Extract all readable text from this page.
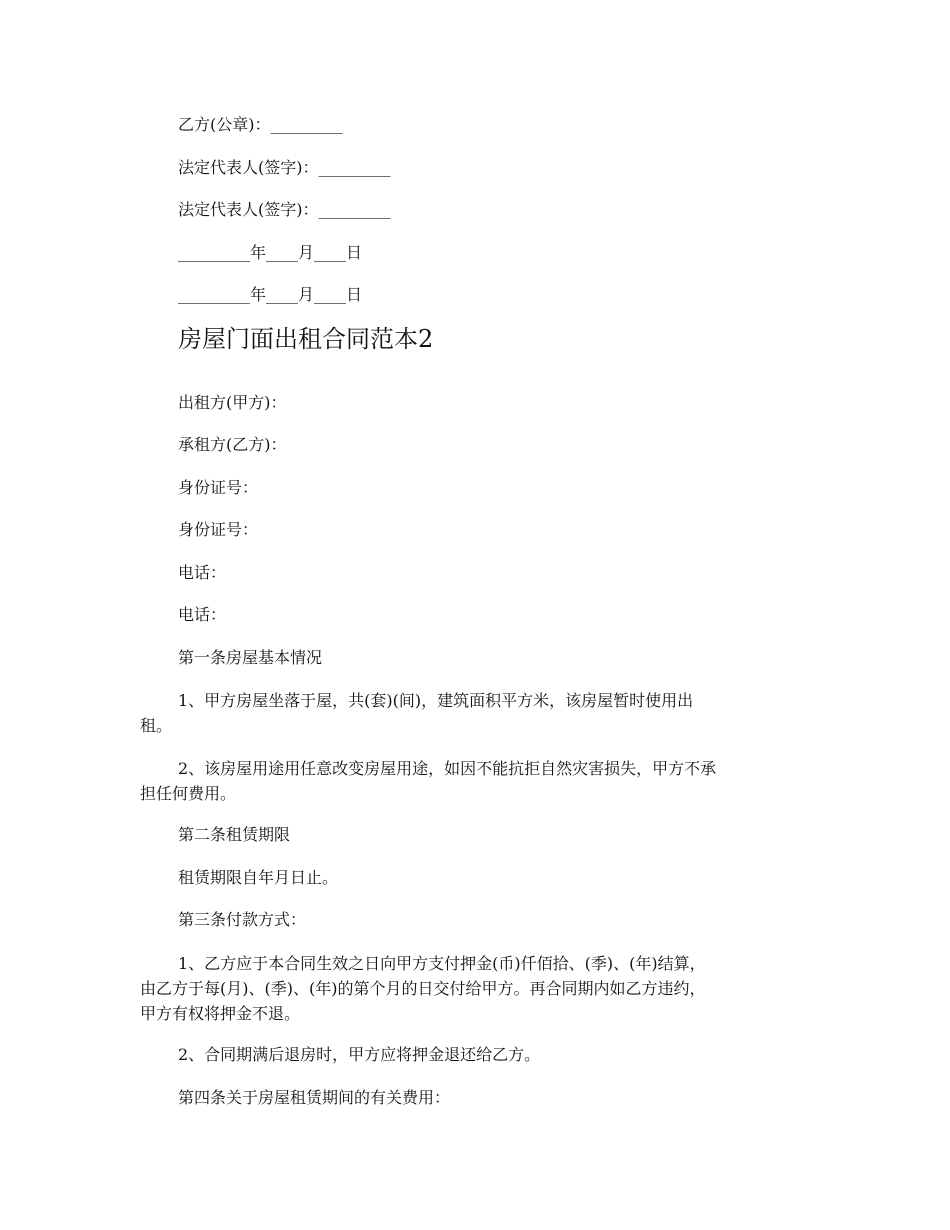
乙方(公章)：_________
法定代表人(签字)：_________
法定代表人(签字)：_________
_________年____月____日
_________年____月____日
房屋门面出租合同范本2
出租方(甲方)：
承租方(乙方)：
身份证号：
身份证号：
电话：
电话：
第一条房屋基本情况
1、甲方房屋坐落于屋，共(套)(间)，建筑面积平方米，该房屋暂时使用出
租。
2、该房屋用途用任意改变房屋用途，如因不能抗拒自然灾害损失，甲方不承
担任何费用。
第二条租赁期限
租赁期限自年月日止。
第三条付款方式：
1、乙方应于本合同生效之日向甲方支付押金(币)仟佰拾、(季)、(年)结算，
由乙方于每(月)、(季)、(年)的第个月的日交付给甲方。再合同期内如乙方违约，
甲方有权将押金不退。
2、合同期满后退房时，甲方应将押金退还给乙方。
第四条关于房屋租赁期间的有关费用：
